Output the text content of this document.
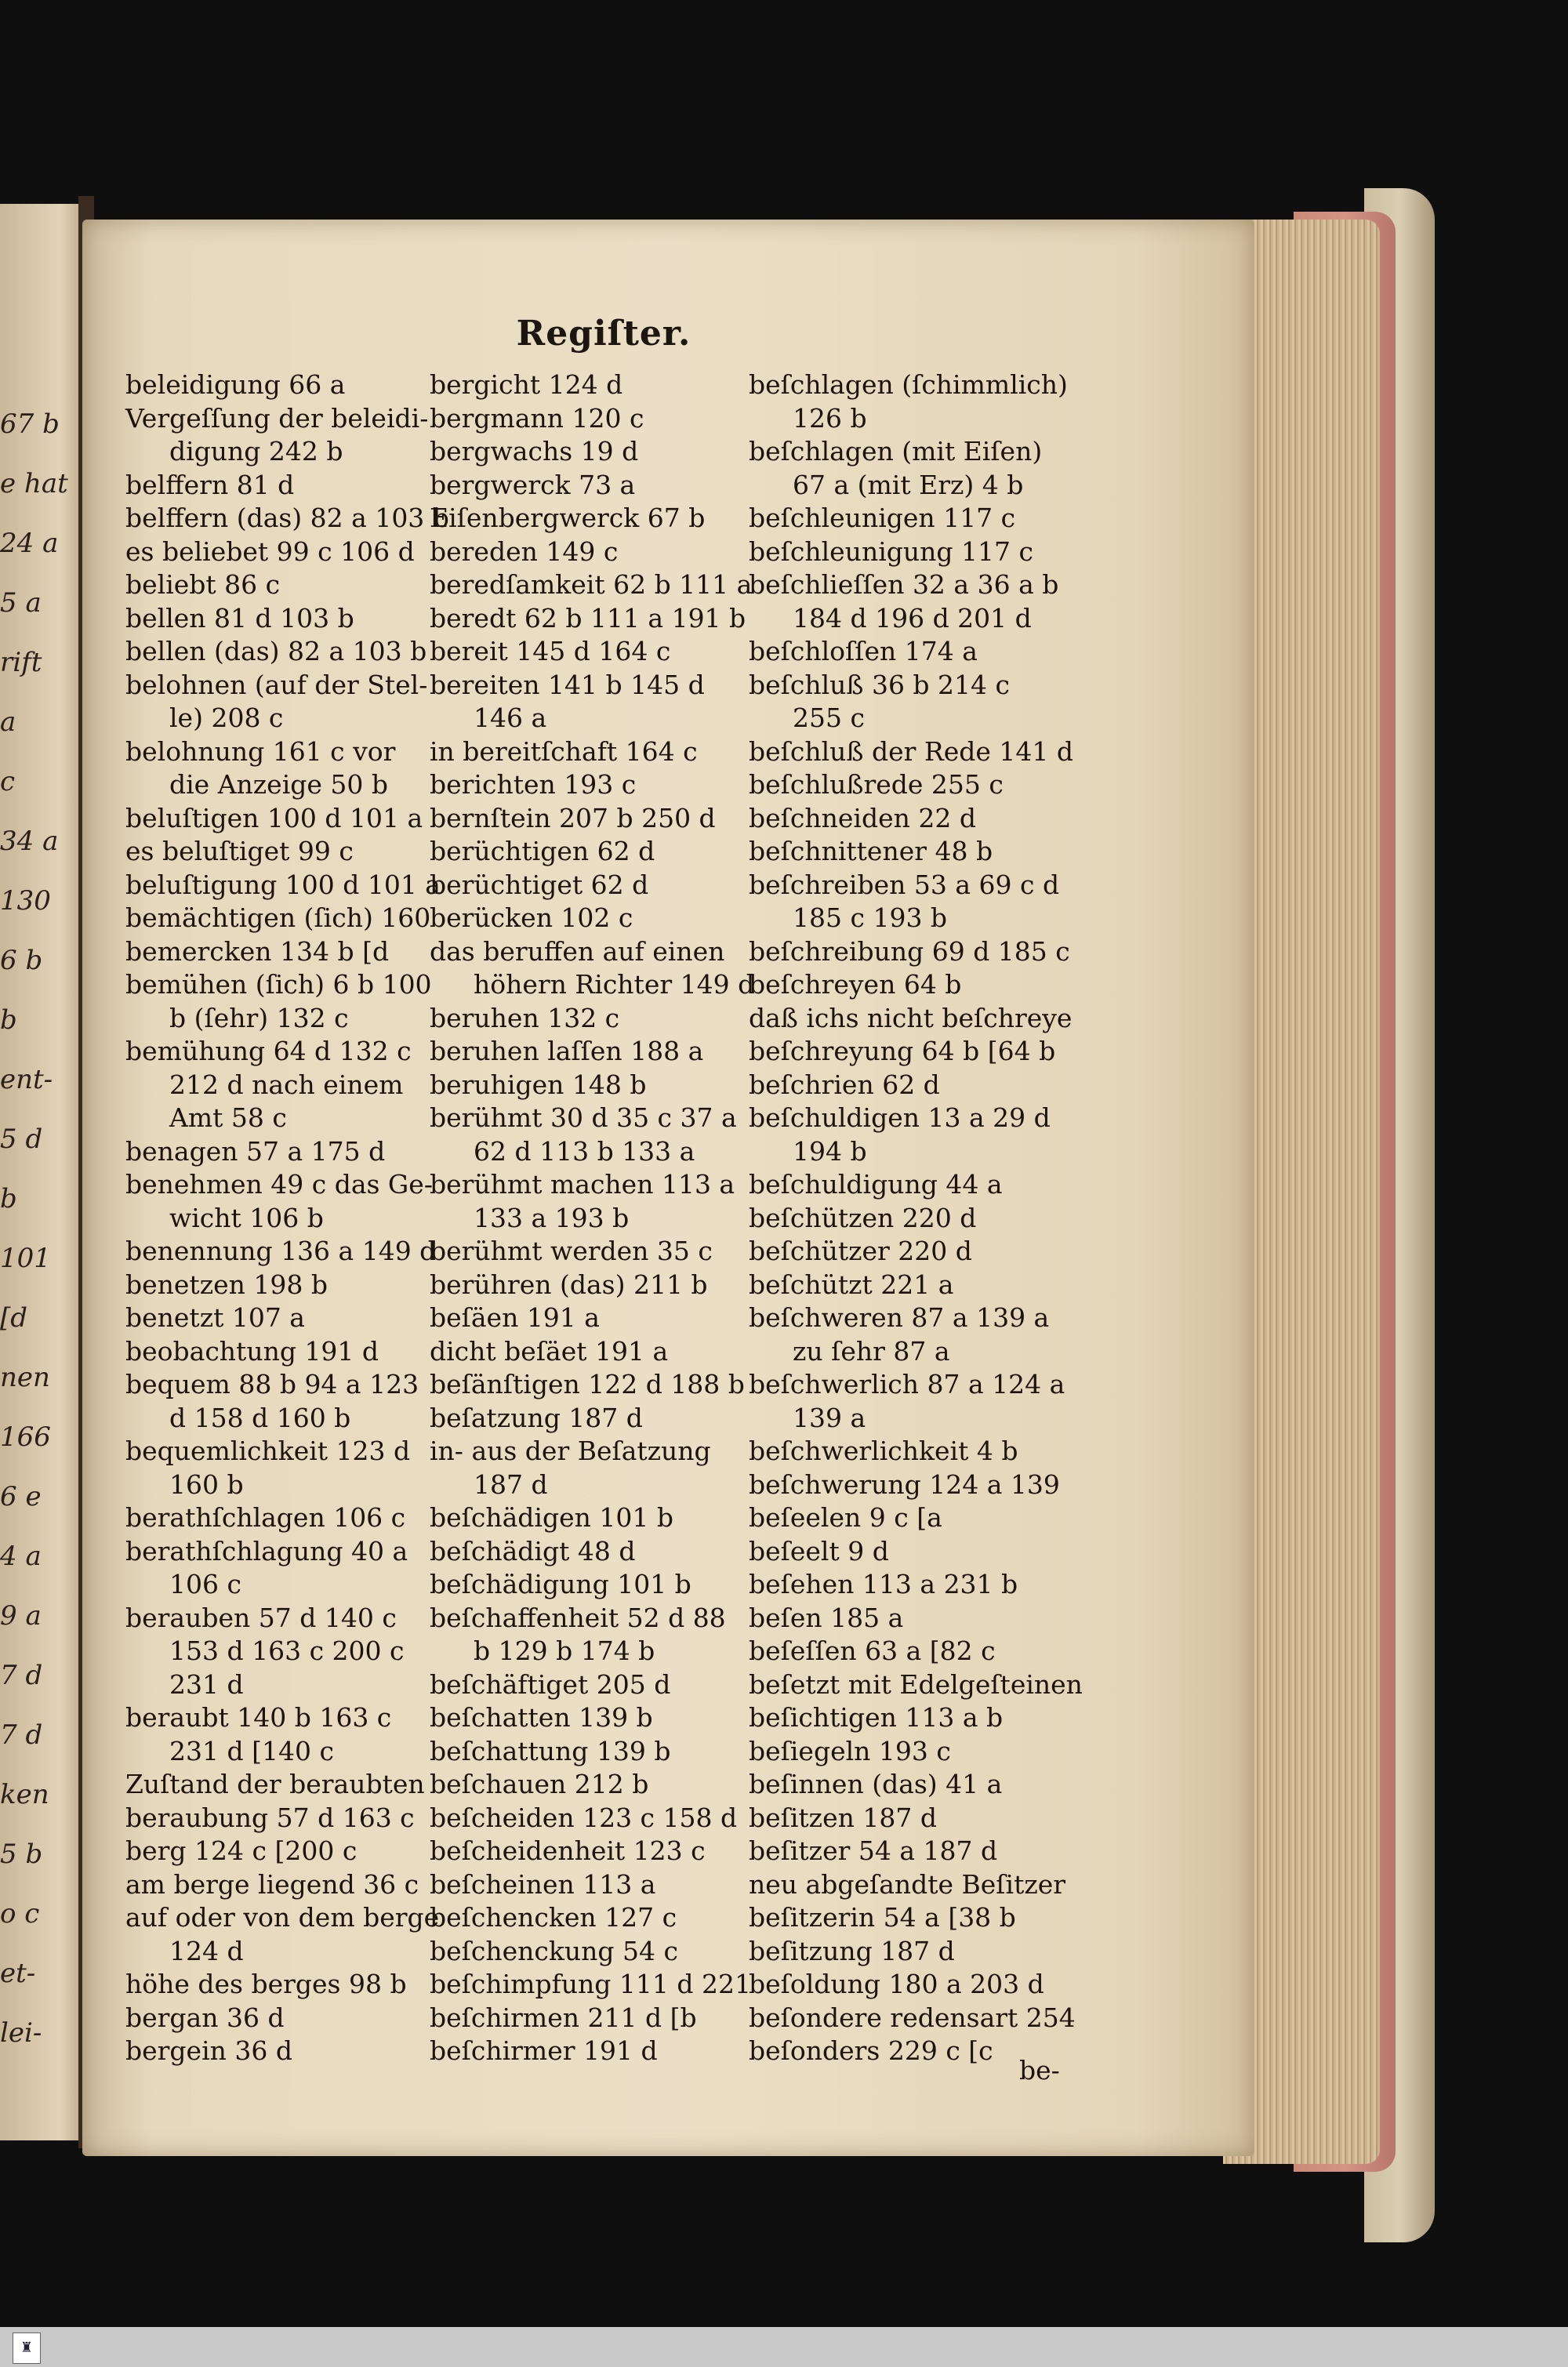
67 b
e hat
24 a
5 a
rift
a
c
34 a
130
6 b
b
ent-
5 d
b
101
[d
nen
166
6 e
4 a
9 a
7 d
7 d
ken
5 b
o c
et-
lei-
Regiſter.
beleidigung 66 a
Vergeſſung der beleidi-
digung 242 b
belffern 81 d
belffern (das) 82 a 103 b
es beliebet 99 c 106 d
beliebt 86 c
bellen 81 d 103 b
bellen (das) 82 a 103 b
belohnen (auf der Stel-
le) 208 c
belohnung 161 c vor
die Anzeige 50 b
beluſtigen 100 d 101 a
es beluſtiget 99 c
beluſtigung 100 d 101 a
bemächtigen (ſich) 160
bemercken 134 b [d
bemühen (ſich) 6 b 100
b (ſehr) 132 c
bemühung 64 d 132 c
212 d nach einem
Amt 58 c
benagen 57 a 175 d
benehmen 49 c das Ge-
wicht 106 b
benennung 136 a 149 d
benetzen 198 b
benetzt 107 a
beobachtung 191 d
bequem 88 b 94 a 123
d 158 d 160 b
bequemlichkeit 123 d
160 b
berathſchlagen 106 c
berathſchlagung 40 a
106 c
berauben 57 d 140 c
153 d 163 c 200 c
231 d
beraubt 140 b 163 c
231 d [140 c
Zuſtand der beraubten
beraubung 57 d 163 c
berg 124 c [200 c
am berge liegend 36 c
auf oder von dem berge
124 d
höhe des berges 98 b
bergan 36 d
bergein 36 d
bergicht 124 d
bergmann 120 c
bergwachs 19 d
bergwerck 73 a
Eiſenbergwerck 67 b
bereden 149 c
beredſamkeit 62 b 111 a
beredt 62 b 111 a 191 b
bereit 145 d 164 c
bereiten 141 b 145 d
146 a
in bereitſchaft 164 c
berichten 193 c
bernſtein 207 b 250 d
berüchtigen 62 d
berüchtiget 62 d
berücken 102 c
das beruffen auf einen
höhern Richter 149 d
beruhen 132 c
beruhen laſſen 188 a
beruhigen 148 b
berühmt 30 d 35 c 37 a
62 d 113 b 133 a
berühmt machen 113 a
133 a 193 b
berühmt werden 35 c
berühren (das) 211 b
beſäen 191 a
dicht beſäet 191 a
beſänſtigen 122 d 188 b
beſatzung 187 d
in- aus der Beſatzung
187 d
beſchädigen 101 b
beſchädigt 48 d
beſchädigung 101 b
beſchaffenheit 52 d 88
b 129 b 174 b
beſchäftiget 205 d
beſchatten 139 b
beſchattung 139 b
beſchauen 212 b
beſcheiden 123 c 158 d
beſcheidenheit 123 c
beſcheinen 113 a
beſchencken 127 c
beſchenckung 54 c
beſchimpfung 111 d 221
beſchirmen 211 d [b
beſchirmer 191 d
beſchlagen (ſchimmlich)
126 b
beſchlagen (mit Eiſen)
67 a (mit Erz) 4 b
beſchleunigen 117 c
beſchleunigung 117 c
beſchlieſſen 32 a 36 a b
184 d 196 d 201 d
beſchloſſen 174 a
beſchluß 36 b 214 c
255 c
beſchluß der Rede 141 d
beſchlußrede 255 c
beſchneiden 22 d
beſchnittener 48 b
beſchreiben 53 a 69 c d
185 c 193 b
beſchreibung 69 d 185 c
beſchreyen 64 b
daß ichs nicht beſchreye
beſchreyung 64 b [64 b
beſchrien 62 d
beſchuldigen 13 a 29 d
194 b
beſchuldigung 44 a
beſchützen 220 d
beſchützer 220 d
beſchützt 221 a
beſchweren 87 a 139 a
zu ſehr 87 a
beſchwerlich 87 a 124 a
139 a
beſchwerlichkeit 4 b
beſchwerung 124 a 139
beſeelen 9 c [a
beſeelt 9 d
beſehen 113 a 231 b
beſen 185 a
beſeſſen 63 a [82 c
beſetzt mit Edelgeſteinen
beſichtigen 113 a b
beſiegeln 193 c
beſinnen (das) 41 a
beſitzen 187 d
beſitzer 54 a 187 d
neu abgeſandte Beſitzer
beſitzerin 54 a [38 b
beſitzung 187 d
beſoldung 180 a 203 d
beſondere redensart 254
beſonders 229 c [c
be-
♜
